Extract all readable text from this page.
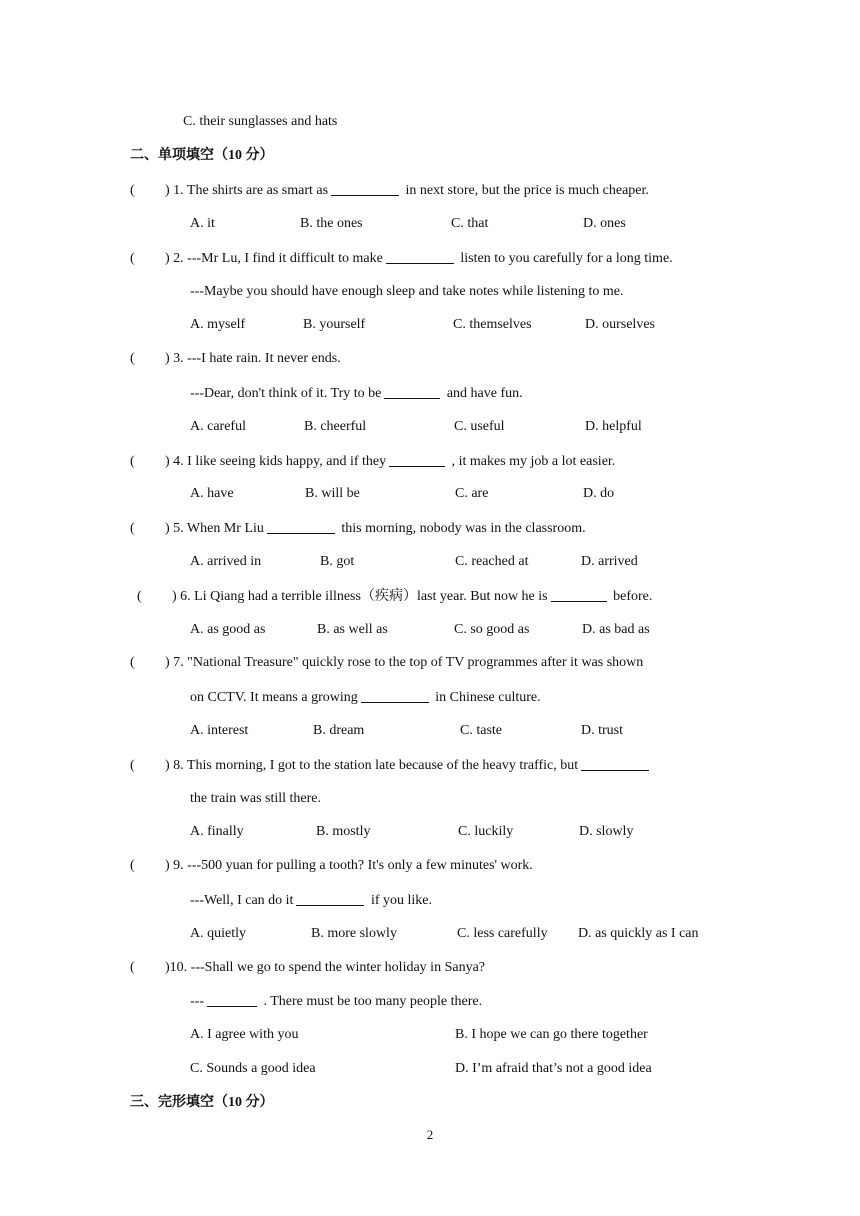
C. their sunglasses and hats
二、单项填空（10 分）
( ) 1. The shirts are as smart as	in next store, but the price is much cheaper.
A. it	B. the ones	C. that	D. ones
( ) 2. ---Mr Lu, I find it difficult to make	listen to you carefully for a long time.
---Maybe you should have enough sleep and take notes while listening to me.
A. myself	B. yourself	C. themselves	D. ourselves
( ) 3. ---I hate rain. It never ends.
---Dear, don't think of it. Try to be	and have fun.
A. careful	B. cheerful	C. useful	D. helpful
( ) 4. I like seeing kids happy, and if they	, it makes my job a lot easier.
A. have	B. will be	C. are	D. do
( ) 5. When Mr Liu	this morning, nobody was in the classroom.
A. arrived in	B. got	C. reached at	D. arrived
( ) 6. Li Qiang had a terrible illness（疾病）last year. But now he is	before.
A. as good as	B. as well as	C. so good as	D. as bad as
( ) 7. "National Treasure" quickly rose to the top of TV programmes after it was shown
on CCTV. It means a growing	in Chinese culture.
A. interest	B. dream	C. taste	D. trust
( ) 8. This morning, I got to the station late because of the heavy traffic, but
the train was still there.
A. finally	B. mostly	C. luckily	D. slowly
( ) 9. ---500 yuan for pulling a tooth? It's only a few minutes' work.
---Well, I can do it	if you like.
A. quietly	B. more slowly	C. less carefully D. as quickly as I can
( )10. ---Shall we go to spend the winter holiday in Sanya?
---	. There must be too many people there.
A. I agree with you	B. I hope we can go there together
C. Sounds a good idea	D. I’m afraid that’s not a good idea
三、完形填空（10 分）
2
